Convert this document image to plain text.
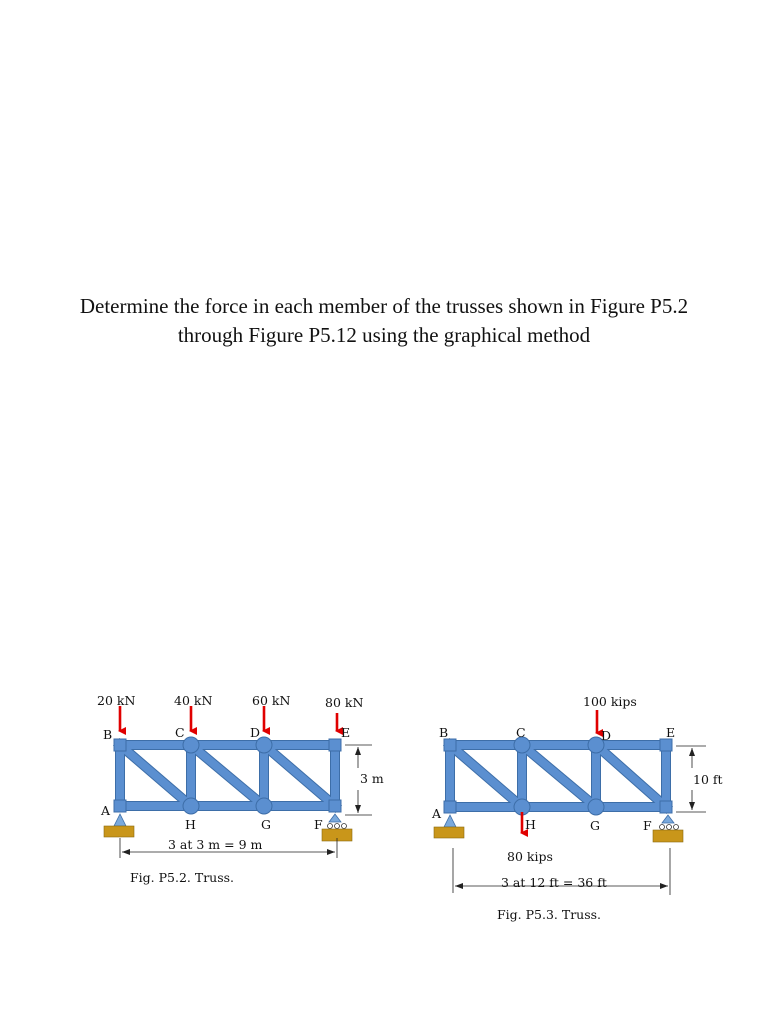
Determine the force in each member of the trusses shown in Figure P5.2
through Figure P5.12 using the graphical method
20 kN	40 kN	60 kN	80 kN
B	C	D	E
A
H	G	F
3 m
3 at 3 m = 9 m
Fig. P5.2. Truss.
100 kips
80 kips
B	C	D	E
A
H	G	F
10 ft
3 at 12 ft = 36 ft
Fig. P5.3. Truss.
